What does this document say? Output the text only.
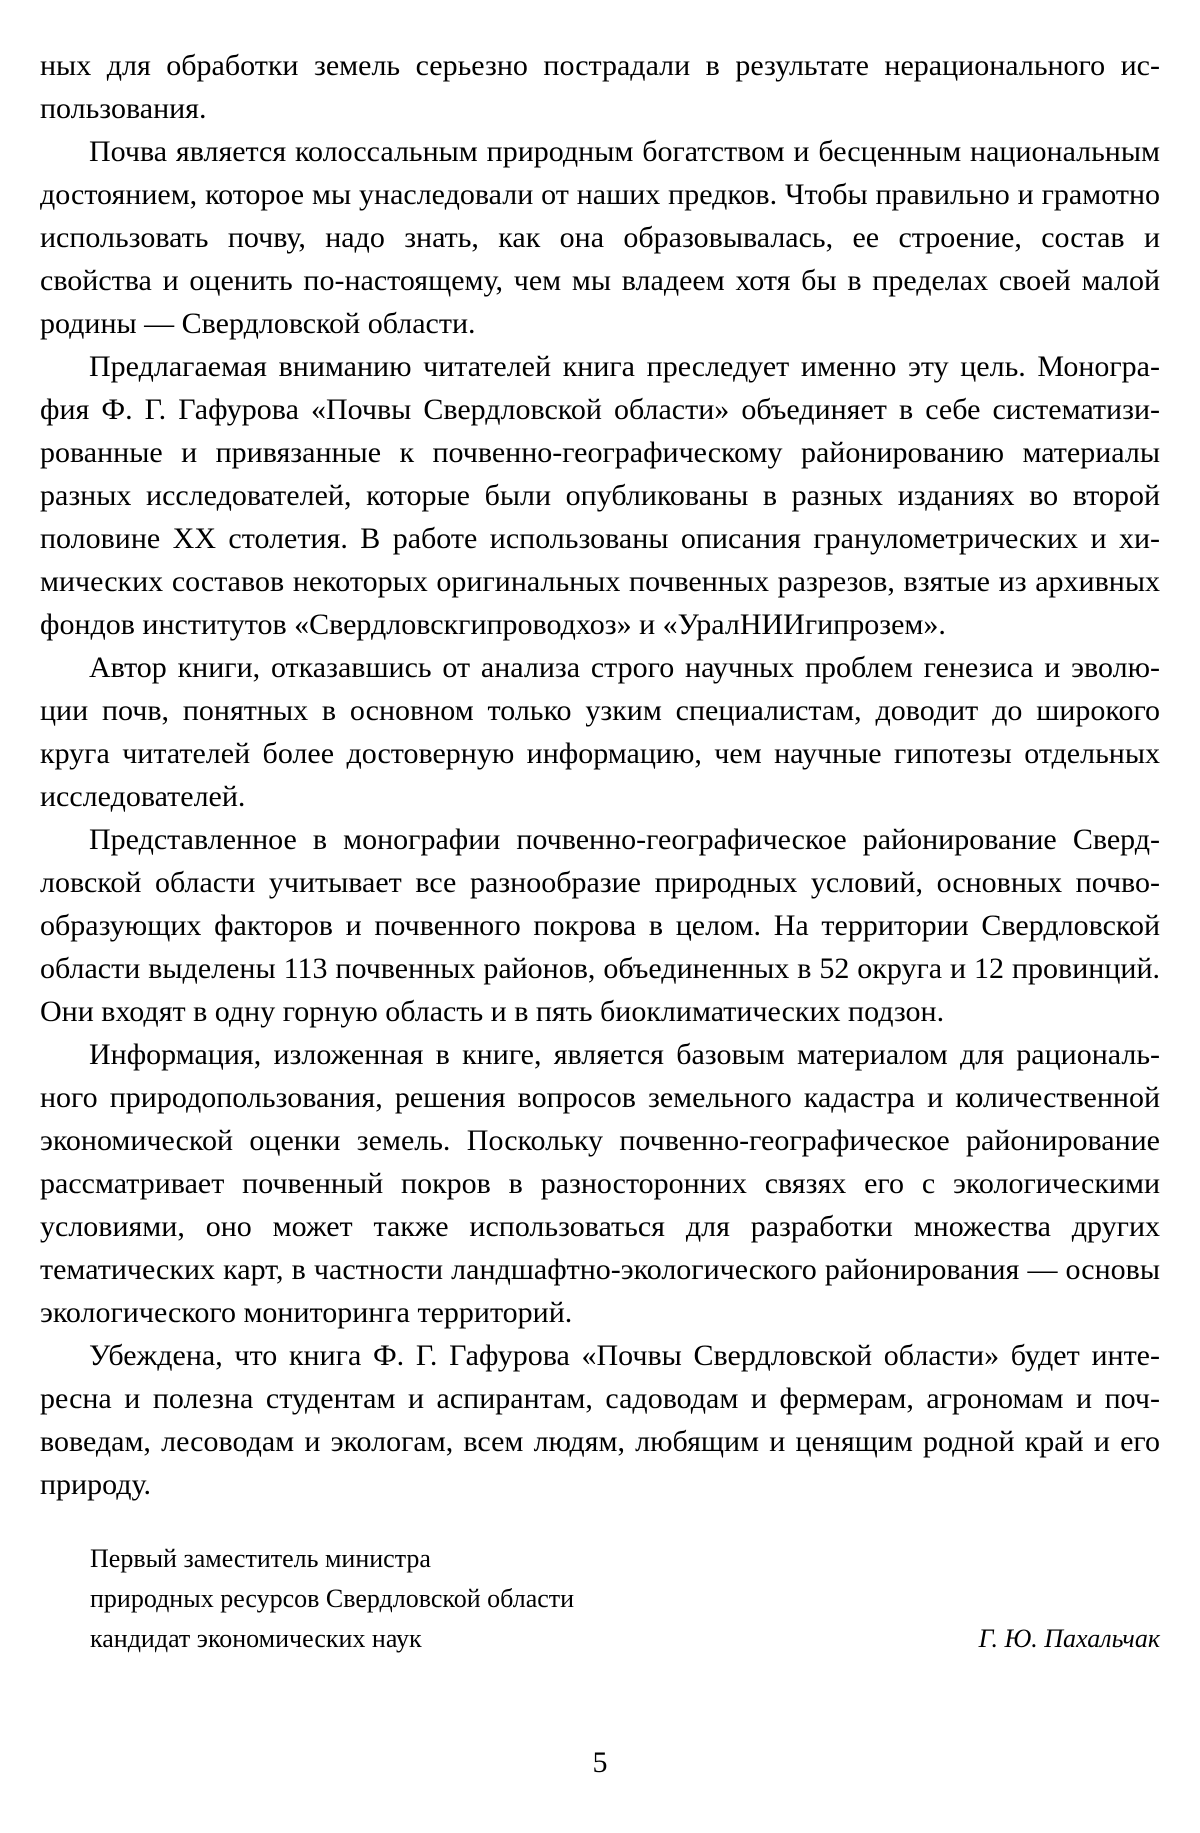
ных для обработки земель серьезно пострадали в результате нерационального использования.

Почва является колоссальным природным богатством и бесценным национальным достоянием, которое мы унаследовали от наших предков. Чтобы правильно и грамотно использовать почву, надо знать, как она образовывалась, ее строение, состав и свойства и оценить по-настоящему, чем мы владеем хотя бы в пределах своей малой родины — Свердловской области.

Предлагаемая вниманию читателей книга преследует именно эту цель. Монография Ф. Г. Гафурова «Почвы Свердловской области» объединяет в себе систематизированные и привязанные к почвенно-географическому районированию материалы разных исследователей, которые были опубликованы в разных изданиях во второй половине XX столетия. В работе использованы описания гранулометрических и химических составов некоторых оригинальных почвенных разрезов, взятые из архивных фондов институтов «Свердловскгипроводхоз» и «УралНИИгипрозем».

Автор книги, отказавшись от анализа строго научных проблем генезиса и эволюции почв, понятных в основном только узким специалистам, доводит до широкого круга читателей более достоверную информацию, чем научные гипотезы отдельных исследователей.

Представленное в монографии почвенно-географическое районирование Свердловской области учитывает все разнообразие природных условий, основных почвообразующих факторов и почвенного покрова в целом. На территории Свердловской области выделены 113 почвенных районов, объединенных в 52 округа и 12 провинций. Они входят в одну горную область и в пять биоклиматических подзон.

Информация, изложенная в книге, является базовым материалом для рационального природопользования, решения вопросов земельного кадастра и количественной экономической оценки земель. Поскольку почвенно-географическое районирование рассматривает почвенный покров в разносторонних связях его с экологическими условиями, оно может также использоваться для разработки множества других тематических карт, в частности ландшафтно-экологического районирования — основы экологического мониторинга территорий.

Убеждена, что книга Ф. Г. Гафурова «Почвы Свердловской области» будет интересна и полезна студентам и аспирантам, садоводам и фермерам, агрономам и почвоведам, лесоводам и экологам, всем людям, любящим и ценящим родной край и его природу.

Первый заместитель министра
природных ресурсов Свердловской области
кандидат экономических наук	Г. Ю. Пахальчак
5
